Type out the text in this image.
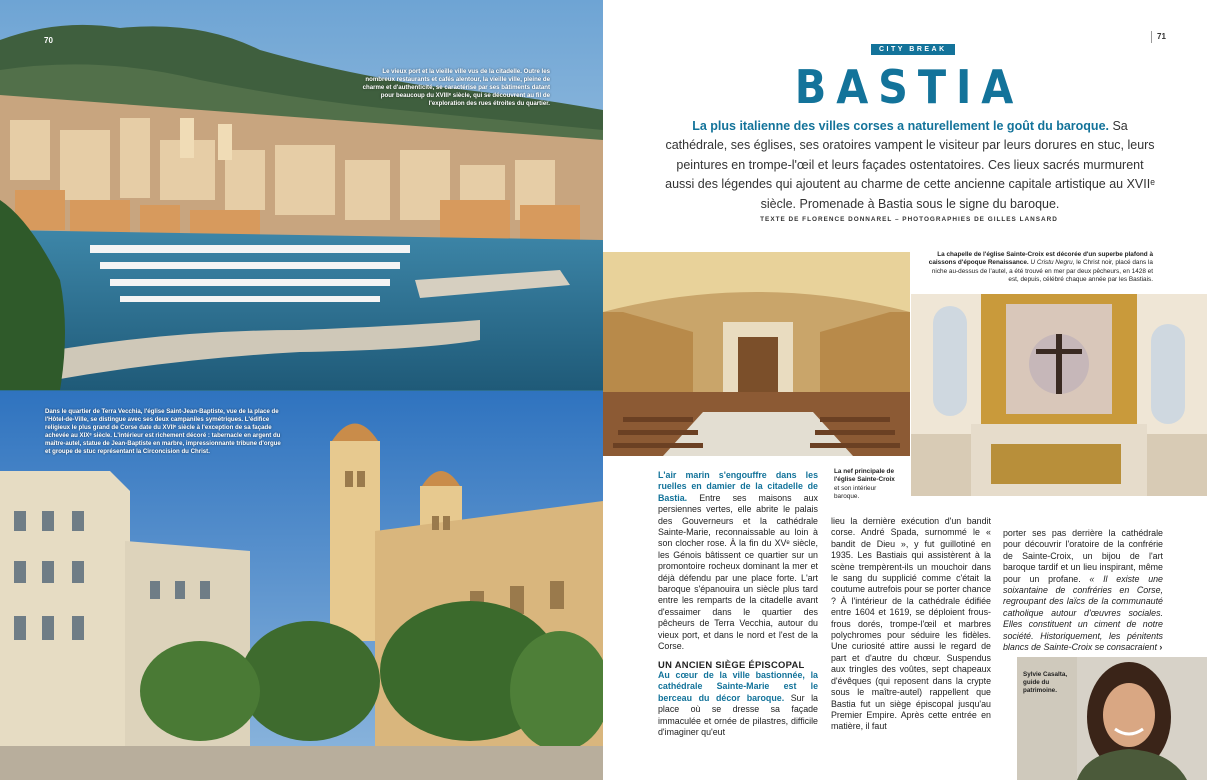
70
Le vieux port et la vieille ville vus de la citadelle. Outre les nombreux restaurants et cafés alentour, la vieille ville, pleine de charme et d'authenticité, se caractérise par ses bâtiments datant pour beaucoup du XVIIIᵉ siècle, qui se découvrent au fil de l'exploration des rues étroites du quartier.
Dans le quartier de Terra Vecchia, l'église Saint-Jean-Baptiste, vue de la place de l'Hôtel-de-Ville, se distingue avec ses deux campaniles symétriques. L'édifice religieux le plus grand de Corse date du XVIIᵉ siècle à l'exception de sa façade achevée au XIXᵉ siècle. L'intérieur est richement décoré : tabernacle en argent du maître-autel, statue de Jean-Baptiste en marbre, impressionnante tribune d'orgue et groupe de stuc représentant la Circoncision du Christ.
71
CITY BREAK
BASTIA

La plus italienne des villes corses a naturellement le goût du baroque. Sa cathédrale, ses églises, ses oratoires vampent le visiteur par leurs dorures en stuc, leurs peintures en trompe-l'œil et leurs façades ostentatoires. Ces lieux sacrés murmurent aussi des légendes qui ajoutent au charme de cette ancienne capitale artistique au XVIIᵉ siècle. Promenade à Bastia sous le signe du baroque.

TEXTE DE FLORENCE DONNAREL – PHOTOGRAPHIES DE GILLES LANSARD
La chapelle de l'église Sainte-Croix est décorée d'un superbe plafond à caissons d'époque Renaissance. U Cristu Negru, le Christ noir, placé dans la niche au-dessus de l'autel, a été trouvé en mer par deux pêcheurs, en 1428 et est, depuis, célébré chaque année par les Bastiais.
La nef principale de l'église Sainte-Croix et son intérieur baroque.

L'air marin s'engouffre dans les ruelles en damier de la citadelle de Bastia. Entre ses maisons aux persiennes vertes, elle abrite le palais des Gouverneurs et la cathédrale Sainte-Marie, reconnaissable au loin à son clocher rose. À la fin du XVᵉ siècle, les Génois bâtissent ce quartier sur un promontoire rocheux dominant la mer et déjà défendu par une place forte. L'art baroque s'épanouira un siècle plus tard entre les remparts de la citadelle avant d'essaimer dans le quartier des pêcheurs de Terra Vecchia, autour du vieux port, et dans le nord et l'est de la Corse.

UN ANCIEN SIÈGE ÉPISCOPAL

Au cœur de la ville bastionnée, la cathédrale Sainte-Marie est le berceau du décor baroque. Sur la place où se dresse sa façade immaculée et ornée de pilastres, difficile d'imaginer qu'eut

lieu la dernière exécution d'un bandit corse. André Spada, surnommé le « bandit de Dieu », y fut guillotiné en 1935. Les Bastiais qui assistèrent à la scène trempèrent-ils un mouchoir dans le sang du supplicié comme c'était la coutume autrefois pour se porter chance ? À l'intérieur de la cathédrale édifiée entre 1604 et 1619, se déploient frous-frous dorés, trompe-l'œil et marbres polychromes pour séduire les fidèles. Une curiosité attire aussi le regard de part et d'autre du chœur. Suspendus aux tringles des voûtes, sept chapeaux d'évêques (qui reposent dans la crypte sous le maître-autel) rappellent que Bastia fut un siège épiscopal jusqu'au Premier Empire. Après cette entrée en matière, il faut

porter ses pas derrière la cathédrale pour découvrir l'oratoire de la confrérie de Sainte-Croix, un bijou de l'art baroque tardif et un lieu inspirant, même pour un profane. « Il existe une soixantaine de confréries en Corse, regroupant des laïcs de la communauté catholique autour d'œuvres sociales. Elles constituent un ciment de notre société. Historiquement, les pénitents blancs de Sainte-Croix se consacraient ›

Sylvie Casalta, guide du patrimoine.
